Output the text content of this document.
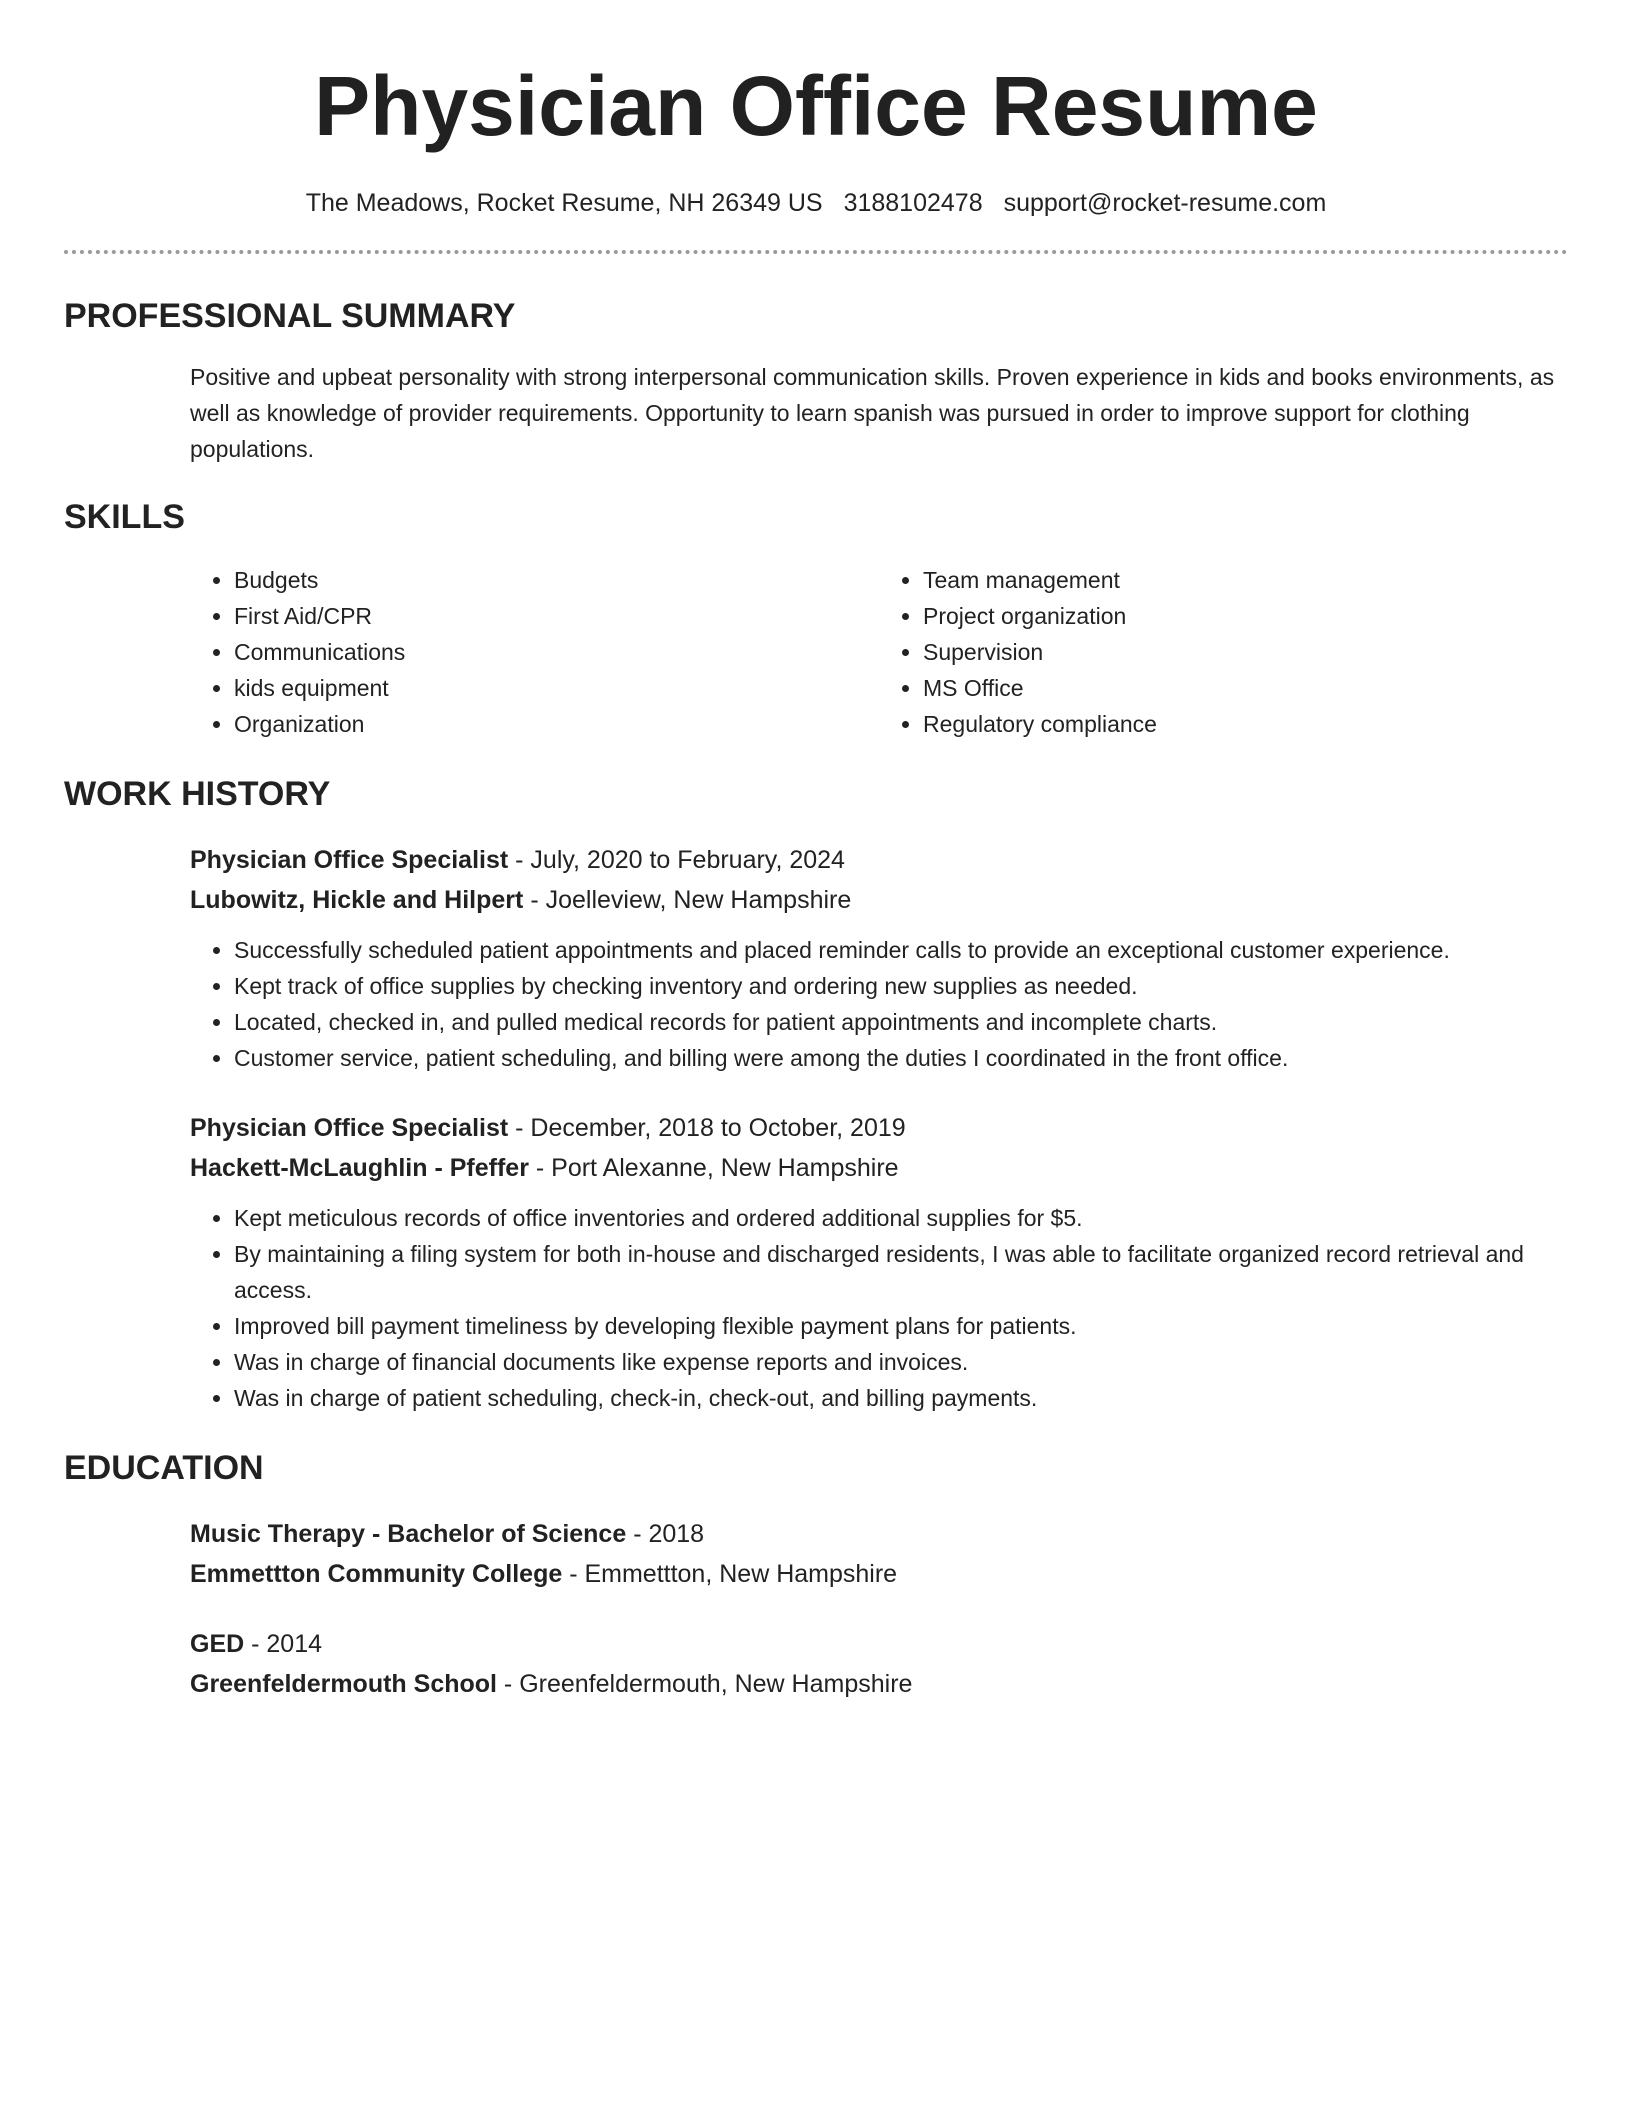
Physician Office Resume
The Meadows, Rocket Resume, NH 26349 US 3188102478 support@rocket-resume.com
PROFESSIONAL SUMMARY

Positive and upbeat personality with strong interpersonal communication skills. Proven experience in kids and books environments, as well as knowledge of provider requirements. Opportunity to learn spanish was pursued in order to improve support for clothing populations.

SKILLS
• Budgets
• First Aid/CPR
• Communications
• kids equipment
• Organization
• Team management
• Project organization
• Supervision
• MS Office
• Regulatory compliance
WORK HISTORY
Physician Office Specialist - July, 2020 to February, 2024
Lubowitz, Hickle and Hilpert - Joelleview, New Hampshire
• Successfully scheduled patient appointments and placed reminder calls to provide an exceptional customer experience.
• Kept track of office supplies by checking inventory and ordering new supplies as needed.
• Located, checked in, and pulled medical records for patient appointments and incomplete charts.
• Customer service, patient scheduling, and billing were among the duties I coordinated in the front office.
Physician Office Specialist - December, 2018 to October, 2019
Hackett-McLaughlin - Pfeffer - Port Alexanne, New Hampshire
• Kept meticulous records of office inventories and ordered additional supplies for $5.
• By maintaining a filing system for both in-house and discharged residents, I was able to facilitate organized record retrieval and access.
• Improved bill payment timeliness by developing flexible payment plans for patients.
• Was in charge of financial documents like expense reports and invoices.
• Was in charge of patient scheduling, check-in, check-out, and billing payments.
EDUCATION
Music Therapy - Bachelor of Science - 2018
Emmettton Community College - Emmettton, New Hampshire
GED - 2014
Greenfeldermouth School - Greenfeldermouth, New Hampshire
